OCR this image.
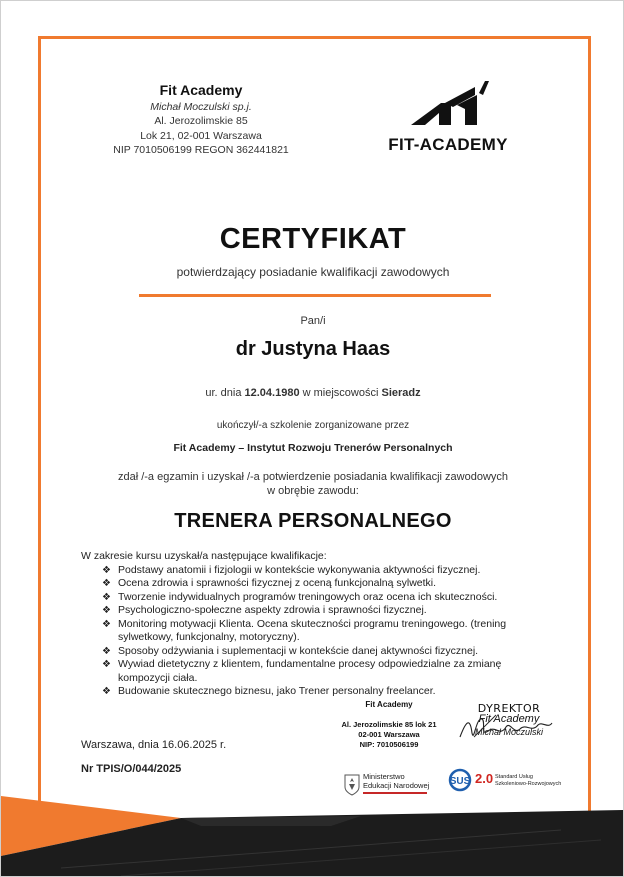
Fit Academy
Michał Moczulski sp.j.
Al. Jerozolimskie 85
Lok 21, 02-001 Warszawa
NIP 7010506199 REGON 362441821	FIT-ACADEMY
CERTYFIKAT
potwierdzający posiadanie kwalifikacji zawodowych
Pan/i
dr Justyna Haas
ur. dnia 12.04.1980 w miejscowości Sieradz
ukończył/-a szkolenie zorganizowane przez
Fit Academy – Instytut Rozwoju Trenerów Personalnych
zdał /-a egzamin i uzyskał /-a potwierdzenie posiadania kwalifikacji zawodowych
w obrębie zawodu:
TRENERA PERSONALNEGO
W zakresie kursu uzyskał/a następujące kwalifikacje:
❖ Podstawy anatomii i fizjologii w kontekście wykonywania aktywności fizycznej.
❖ Ocena zdrowia i sprawności fizycznej z oceną funkcjonalną sylwetki.
❖ Tworzenie indywidualnych programów treningowych oraz ocena ich skuteczności.
❖ Psychologiczno-społeczne aspekty zdrowia i sprawności fizycznej.
❖ Monitoring motywacji Klienta. Ocena skuteczności programu treningowego. (trening sylwetkowy, funkcjonalny, motoryczny).
❖ Sposoby odżywiania i suplementacji w kontekście danej aktywności fizycznej.
❖ Wywiad dietetyczny z klientem, fundamentalne procesy odpowiedzialne za zmianę kompozycji ciała.
❖ Budowanie skutecznego biznesu, jako Trener personalny freelancer.
Warszawa, dnia 16.06.2025 r.
Nr TPIS/O/044/2025
Fit Academy
Al. Jerozolimskie 85 lok 21
02-001 Warszawa
NIP: 7010506199
DYREKTOR
Fit Academy
Michał Moczulski
Ministerstwo
Edukacji Narodowej SUS 2.0 Standard Usług
Szkoleniowo-Rozwojowych
